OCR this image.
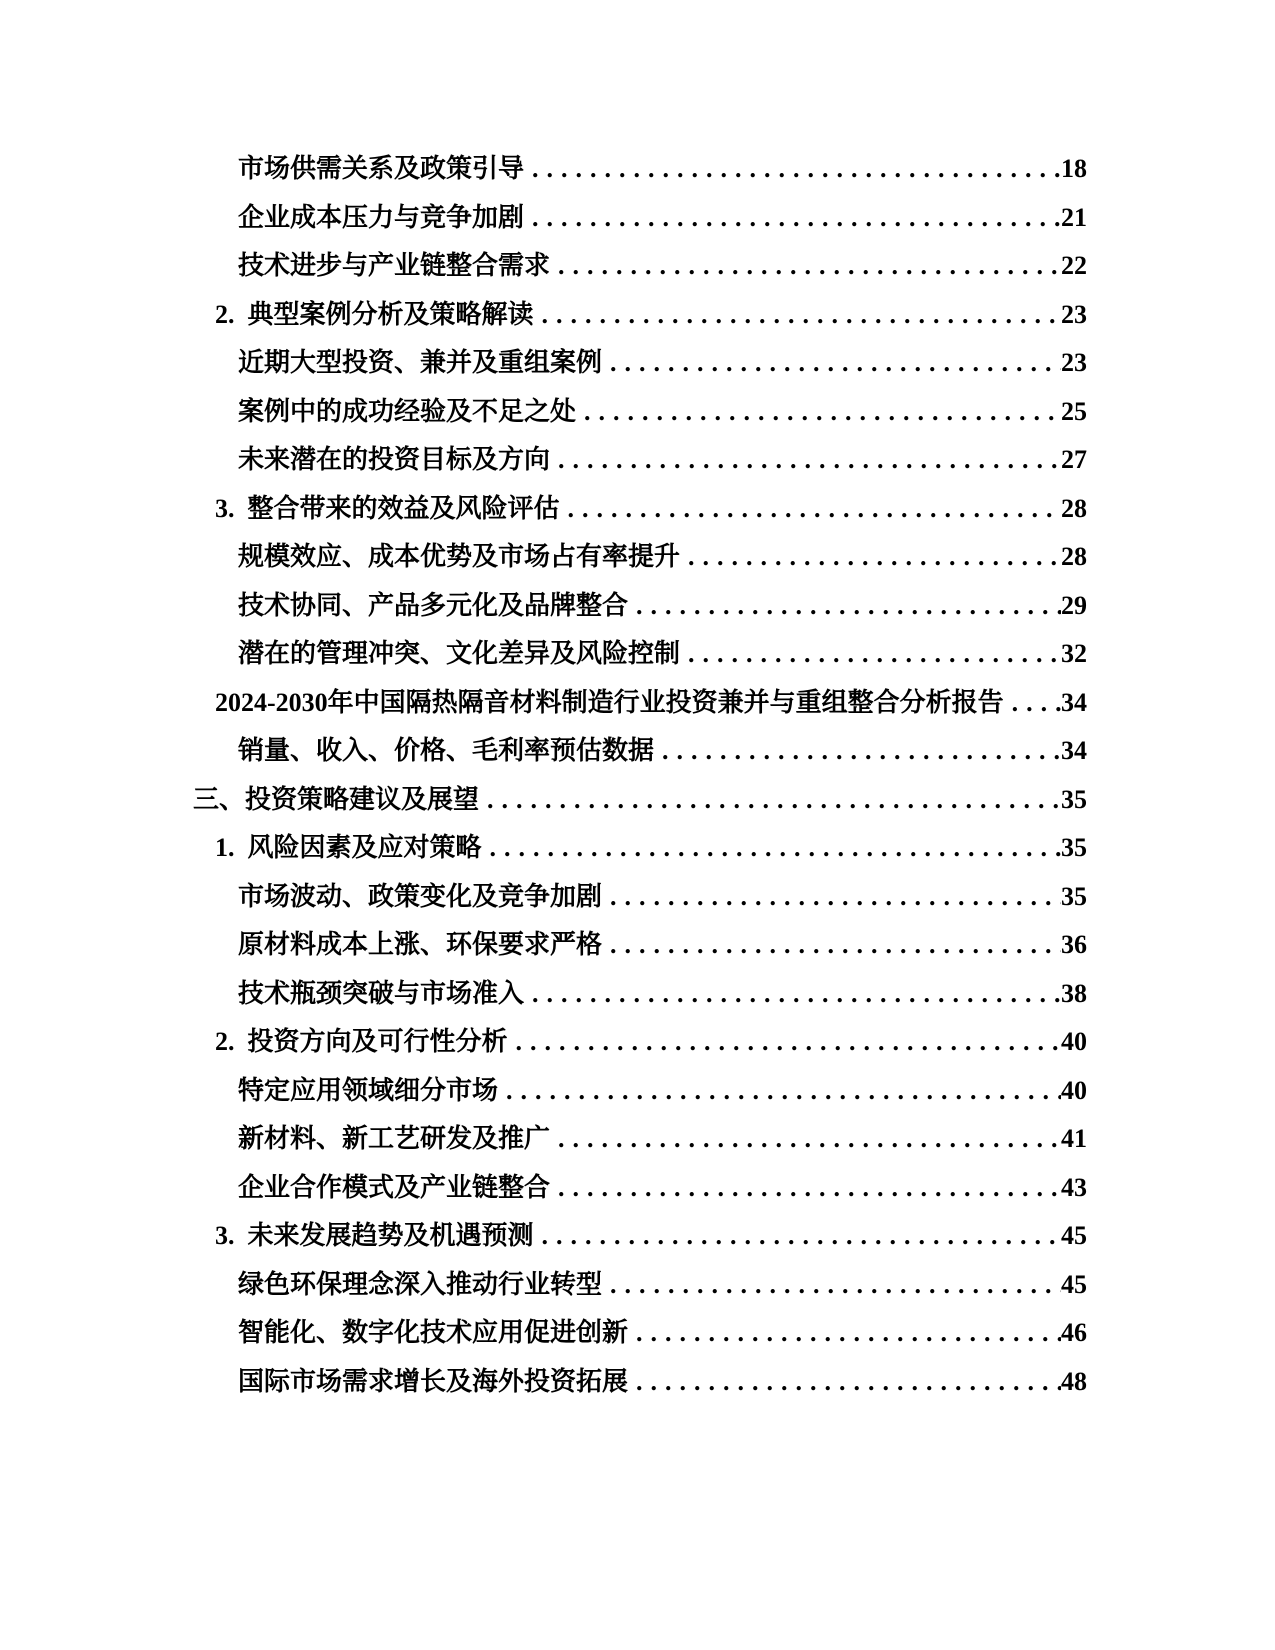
市场供需关系及政策引导 .....	18
企业成本压力与竞争加剧 .....	21
技术进步与产业链整合需求 .....	22
2.  典型案例分析及策略解读 .....	23
近期大型投资、兼并及重组案例 .....	23
案例中的成功经验及不足之处 .....	25
未来潜在的投资目标及方向 .....	27
3.  整合带来的效益及风险评估 .....	28
规模效应、成本优势及市场占有率提升 .....	28
技术协同、产品多元化及品牌整合 .....	29
潜在的管理冲突、文化差异及风险控制 .....	32
2024-2030年中国隔热隔音材料制造行业投资兼并与重组整合分析报告 ..... 34
销量、收入、价格、毛利率预估数据 .....	34
三、投资策略建议及展望 .....	35
1.  风险因素及应对策略 .....	35
市场波动、政策变化及竞争加剧 .....	35
原材料成本上涨、环保要求严格 .....	36
技术瓶颈突破与市场准入 .....	38
2.  投资方向及可行性分析 .....	40
特定应用领域细分市场 .....	40
新材料、新工艺研发及推广 .....	41
企业合作模式及产业链整合 .....	43
3.  未来发展趋势及机遇预测 .....	45
绿色环保理念深入推动行业转型 .....	45
智能化、数字化技术应用促进创新 .....	46
国际市场需求增长及海外投资拓展 .....	48
